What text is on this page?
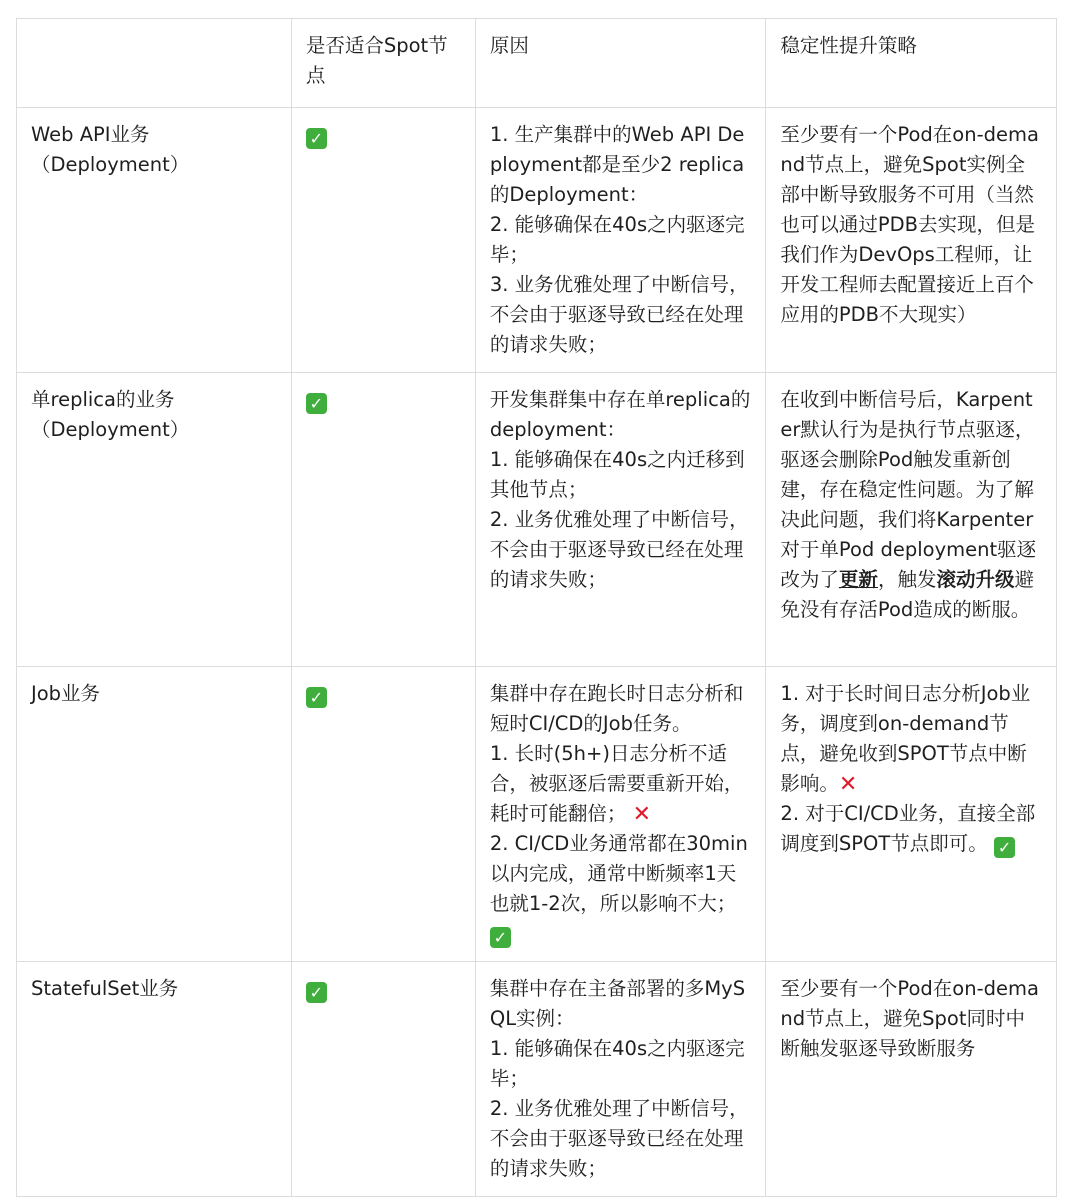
	是否适合Spot节点	原因	稳定性提升策略

Web API业务
（Deployment）	✓	1. 生产集群中的Web API Deployment都是至少2 replica的Deployment：
2. 能够确保在40s之内驱逐完毕；
3. 业务优雅处理了中断信号，不会由于驱逐导致已经在处理的请求失败；	至少要有一个Pod在on-demand节点上，避免Spot实例全部中断导致服务不可用（当然也可以通过PDB去实现，但是我们作为DevOps工程师，让开发工程师去配置接近上百个应用的PDB不大现实）

单replica的业务
（Deployment）	✓	开发集群集中存在单replica的deployment：
1. 能够确保在40s之内迁移到其他节点；
2. 业务优雅处理了中断信号，不会由于驱逐导致已经在处理的请求失败；	在收到中断信号后，Karpenter默认行为是执行节点驱逐，驱逐会删除Pod触发重新创建，存在稳定性问题。为了解决此问题，我们将Karpenter对于单Pod deployment驱逐改为了更新，触发滚动升级避免没有存活Pod造成的断服。

Job业务	✓	集群中存在跑长时日志分析和短时CI/CD的Job任务。
1. 长时(5h+)日志分析不适合，被驱逐后需要重新开始，耗时可能翻倍； ✕
2. CI/CD业务通常都在30min以内完成，通常中断频率1天也就1-2次，所以影响不大； ✓	1. 对于长时间日志分析Job业务，调度到on-demand节点，避免收到SPOT节点中断影响。✕
2. 对于CI/CD业务，直接全部调度到SPOT节点即可。 ✓

StatefulSet业务	✓	集群中存在主备部署的多MySQL实例：
1. 能够确保在40s之内驱逐完毕；
2. 业务优雅处理了中断信号，不会由于驱逐导致已经在处理的请求失败；	至少要有一个Pod在on-demand节点上，避免Spot同时中断触发驱逐导致断服务
